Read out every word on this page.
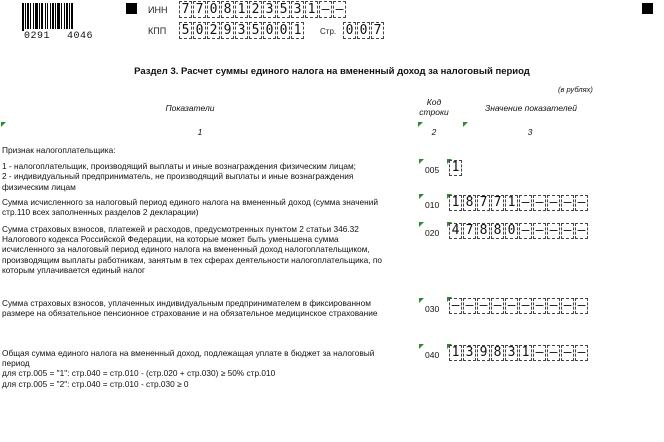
0291 4046
ИНН 7 7 0 8 1 2 3 5 3 1 – –
КПП 5 0 2 9 3 5 0 0 1	Стр. 0 0 7
Раздел 3. Расчет суммы единого налога на вмененный доход за налоговый период
(в рублях)
Показатели
Код
строки	Значение показателей
1	2	3
Признак налогоплательщика:
1 - налогоплательщик, производящий выплаты и иные вознаграждения физическим лицам;
2 - индивидуальный предприниматель, не производящий выплаты и иные вознаграждения
физическим лицам
005 1
Сумма исчисленного за налоговый период единого налога на вмененный доход (сумма значений
стр.110 всех заполненных разделов 2 декларации)
010 1 8 7 7 1 – – – – –
Сумма страховых взносов, платежей и расходов, предусмотренных пунктом 2 статьи 346.32
Налогового кодекса Российской Федерации, на которые может быть уменьшена сумма
исчисленного за налоговый период единого налога на вмененный доход налогоплательщиком,
производящим выплаты работникам, занятым в тех сферах деятельности налогоплательщика, по
которым уплачивается единый налог
020 4 7 8 8 0 – – – – –
Сумма страховых взносов, уплаченных индивидуальным предпринимателем в фиксированном
размере на обязательное пенсионное страхование и на обязательное медицинское страхование	030 – – – – – – – – – –
Общая сумма единого налога на вмененный доход, подлежащая уплате в бюджет за налоговый
период
для стр.005 = "1": стр.040 = стр.010 - (стр.020 + стр.030) ≥ 50% стр.010
для стр.005 = "2": стр.040 = стр.010 - стр.030 ≥ 0
040 1 3 9 8 3 1 – – – –
